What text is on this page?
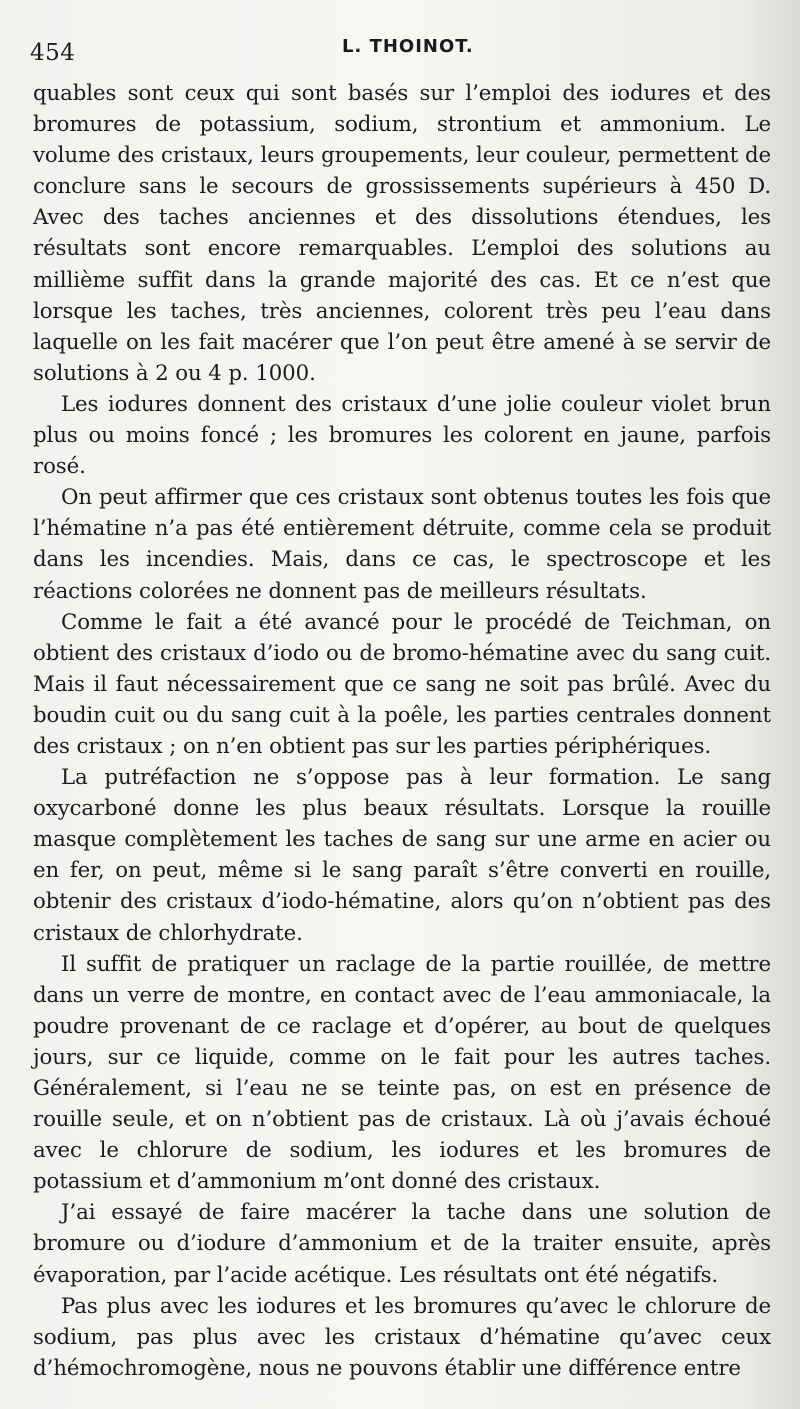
454	L. THOINOT.

quables sont ceux qui sont basés sur l’emploi des iodures et des bromures de potassium, sodium, strontium et ammonium. Le volume des cristaux, leurs groupements, leur couleur, permettent de conclure sans le secours de grossissements supérieurs à 450 D. Avec des taches anciennes et des dissolutions étendues, les résultats sont encore remarquables. L’emploi des solutions au millième suffit dans la grande majorité des cas. Et ce n’est que lorsque les taches, très anciennes, colorent très peu l’eau dans laquelle on les fait macérer que l’on peut être amené à se servir de solutions à 2 ou 4 p. 1000.

Les iodures donnent des cristaux d’une jolie couleur violet brun plus ou moins foncé ; les bromures les colorent en jaune, parfois rosé.

On peut affirmer que ces cristaux sont obtenus toutes les fois que l’hématine n’a pas été entièrement détruite, comme cela se produit dans les incendies. Mais, dans ce cas, le spectroscope et les réactions colorées ne donnent pas de meilleurs résultats.

Comme le fait a été avancé pour le procédé de Teichman, on obtient des cristaux d’iodo ou de bromo-hématine avec du sang cuit. Mais il faut nécessairement que ce sang ne soit pas brûlé. Avec du boudin cuit ou du sang cuit à la poêle, les parties centrales donnent des cristaux ; on n’en obtient pas sur les parties périphériques.

La putréfaction ne s’oppose pas à leur formation. Le sang oxycarboné donne les plus beaux résultats. Lorsque la rouille masque complètement les taches de sang sur une arme en acier ou en fer, on peut, même si le sang paraît s’être converti en rouille, obtenir des cristaux d’iodo-hématine, alors qu’on n’obtient pas des cristaux de chlorhydrate.

Il suffit de pratiquer un raclage de la partie rouillée, de mettre dans un verre de montre, en contact avec de l’eau ammoniacale, la poudre provenant de ce raclage et d’opérer, au bout de quelques jours, sur ce liquide, comme on le fait pour les autres taches. Généralement, si l’eau ne se teinte pas, on est en présence de rouille seule, et on n’obtient pas de cristaux. Là où j’avais échoué avec le chlorure de sodium, les iodures et les bromures de potassium et d’ammonium m’ont donné des cristaux.

J’ai essayé de faire macérer la tache dans une solution de bromure ou d’iodure d’ammonium et de la traiter ensuite, après évaporation, par l’acide acétique. Les résultats ont été négatifs.

Pas plus avec les iodures et les bromures qu’avec le chlorure de sodium, pas plus avec les cristaux d’hématine qu’avec ceux d’hémochromogène, nous ne pouvons établir une différence entre
